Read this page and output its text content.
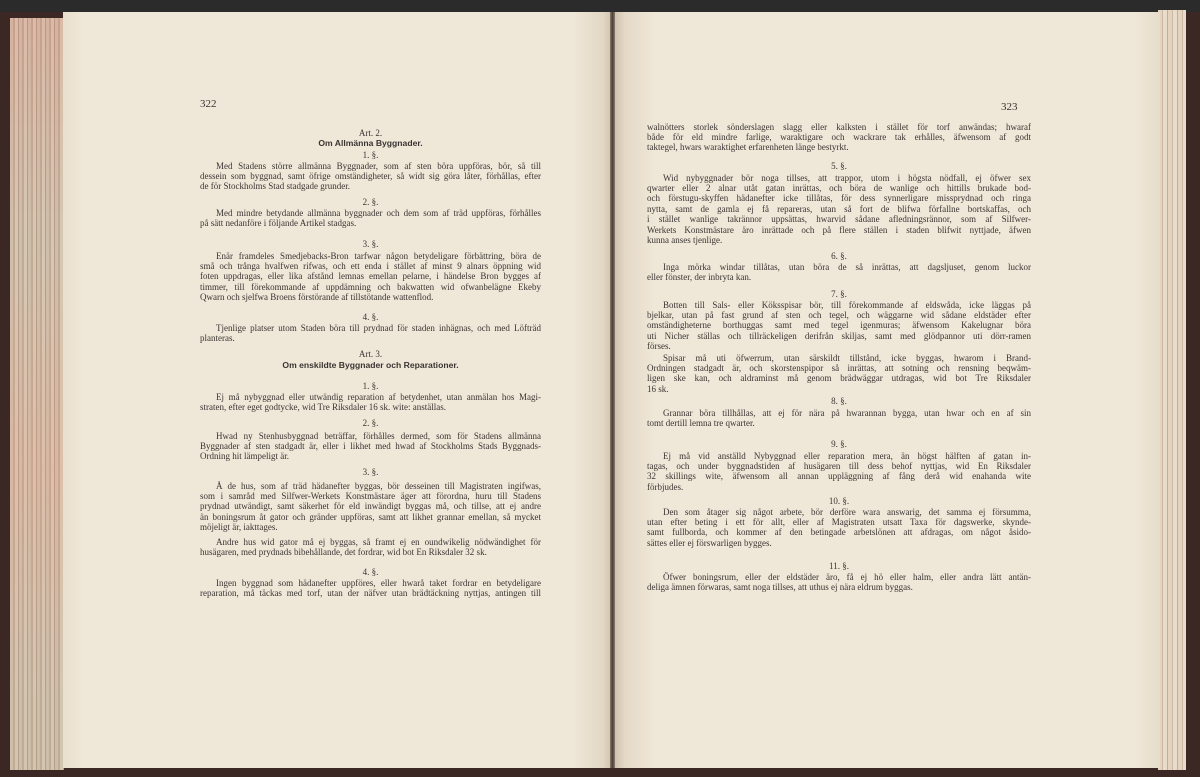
322	323
Art. 2.
Om Allmänna Byggnader.
1. §.
Med Stadens större allmänna Byggnader, som af sten böra uppföras, bör, så till
dessein som byggnad, samt öfrige omständigheter, så widt sig göra låter, förhållas, efter
de för Stockholms Stad stadgade grunder.
2. §.
Med mindre betydande allmänna byggnader och dem som af träd uppföras, förhålles
på sätt nedanföre i följande Artikel stadgas.
3. §.
Enär framdeles Smedjebacks-Bron tarfwar någon betydeligare förbättring, böra de
små och trånga hvalfwen rifwas, och ett enda i stället af minst 9 alnars öppning wid
foten uppdragas, eller lika afstånd lemnas emellan pelarne, i händelse Bron bygges af
timmer, till förekommande af uppdämning och bakwatten wid ofwanbelägne Ekeby
Qwarn och sjelfwa Broens förstörande af tillstötande wattenflod.
4. §.
Tjenlige platser utom Staden böra till prydnad för staden inhägnas, och med Löfträd
planteras.
Art. 3.
Om enskildte Byggnader och Reparationer.
1. §.
Ej må nybyggnad eller utwändig reparation af betydenhet, utan anmälan hos Magi-
straten, efter eget godtycke, wid Tre Riksdaler 16 sk. wite: anställas.
2. §.
Hwad ny Stenhusbyggnad beträffar, förhålles dermed, som för Stadens allmänna
Byggnader af sten stadgadt är, eller i likhet med hwad af Stockholms Stads Byggnads-
Ordning hit lämpeligt är.
3. §.
Å de hus, som af träd hädanefter byggas, bör desseinen till Magistraten ingifwas,
som i samråd med Silfwer-Werkets Konstmästare äger att förordna, huru till Stadens
prydnad utwändigt, samt säkerhet för eld inwändigt byggas må, och tillse, att ej andre
än boningsrum åt gator och gränder uppföras, samt att likhet grannar emellan, så mycket
möjeligt är, iakttages.
Andre hus wid gator må ej byggas, så framt ej en oundwikelig nödwändighet för
husägaren, med prydnads bibehållande, det fordrar, wid bot En Riksdaler 32 sk.
4. §.
Ingen byggnad som hädanefter uppföres, eller hwarå taket fordrar en betydeligare
reparation, må täckas med torf, utan der näfver utan brädtäckning nyttjas, antingen till
walnötters storlek sönderslagen slagg eller kalksten i stället för torf anwändas; hwaraf
både för eld mindre farlige, waraktigare och wackrare tak erhålles, äfwensom af godt
taktegel, hwars waraktighet erfarenheten länge bestyrkt.
5. §.
Wid nybyggnader bör noga tillses, att trappor, utom i högsta nödfall, ej öfwer sex
qwarter eller 2 alnar utåt gatan inrättas, och böra de wanlige och hittills brukade bod-
och förstugu-skyffen hädanefter icke tillåtas, för dess synnerligare missprydnad och ringa
nytta, samt de gamla ej få repareras, utan så fort de blifwa förfallne bortskaffas, och
i stället wanlige takrännor uppsättas, hwarvid sådane afledningsrännor, som af Silfwer-
Werkets Konstmästare äro inrättade och på flere ställen i staden blifwit nyttjade, äfwen
kunna anses tjenlige.
6. §.
Inga mörka windar tillåtas, utan böra de så inrättas, att dagsljuset, genom luckor
eller fönster, der inbryta kan.
7. §.
Botten till Sals- eller Köksspisar bör, till förekommande af eldswåda, icke läggas på
bjelkar, utan på fast grund af sten och tegel, och wäggarne wid sådane eldstäder efter
omständigheterne borthuggas samt med tegel igenmuras; äfwensom Kakelugnar böra
uti Nicher ställas och tillräckeligen derifrån skiljas, samt med glödpannor uti dörr-ramen
förses.
Spisar må uti öfwerrum, utan särskildt tillstånd, icke byggas, hwarom i Brand-
Ordningen stadgadt är, och skorstenspipor så inrättas, att sotning och rensning beqwäm-
ligen ske kan, och aldraminst må genom brädwäggar utdragas, wid bot Tre Riksdaler
16 sk.
8. §.
Grannar böra tillhållas, att ej för nära på hwarannan bygga, utan hwar och en af sin
tomt dertill lemna tre qwarter.
9. §.
Ej må vid anställd Nybyggnad eller reparation mera, än högst hälften af gatan in-
tagas, och under byggnadstiden af husägaren till dess behof nyttjas, wid En Riksdaler
32 skillings wite, äfwensom all annan uppläggning af fång derå wid enahanda wite
förbjudes.
10. §.
Den som åtager sig något arbete, bör derföre wara answarig, det samma ej försumma,
utan efter beting i ett för allt, eller af Magistraten utsatt Taxa för dagswerke, skynde-
samt fullborda, och kommer af den betingade arbetslönen att afdragas, om något åsido-
sättes eller ej förswarligen bygges.
11. §.
Öfwer boningsrum, eller der eldstäder äro, få ej hö eller halm, eller andra lätt antän-
deliga ämnen förwaras, samt noga tillses, att uthus ej nära eldrum byggas.
